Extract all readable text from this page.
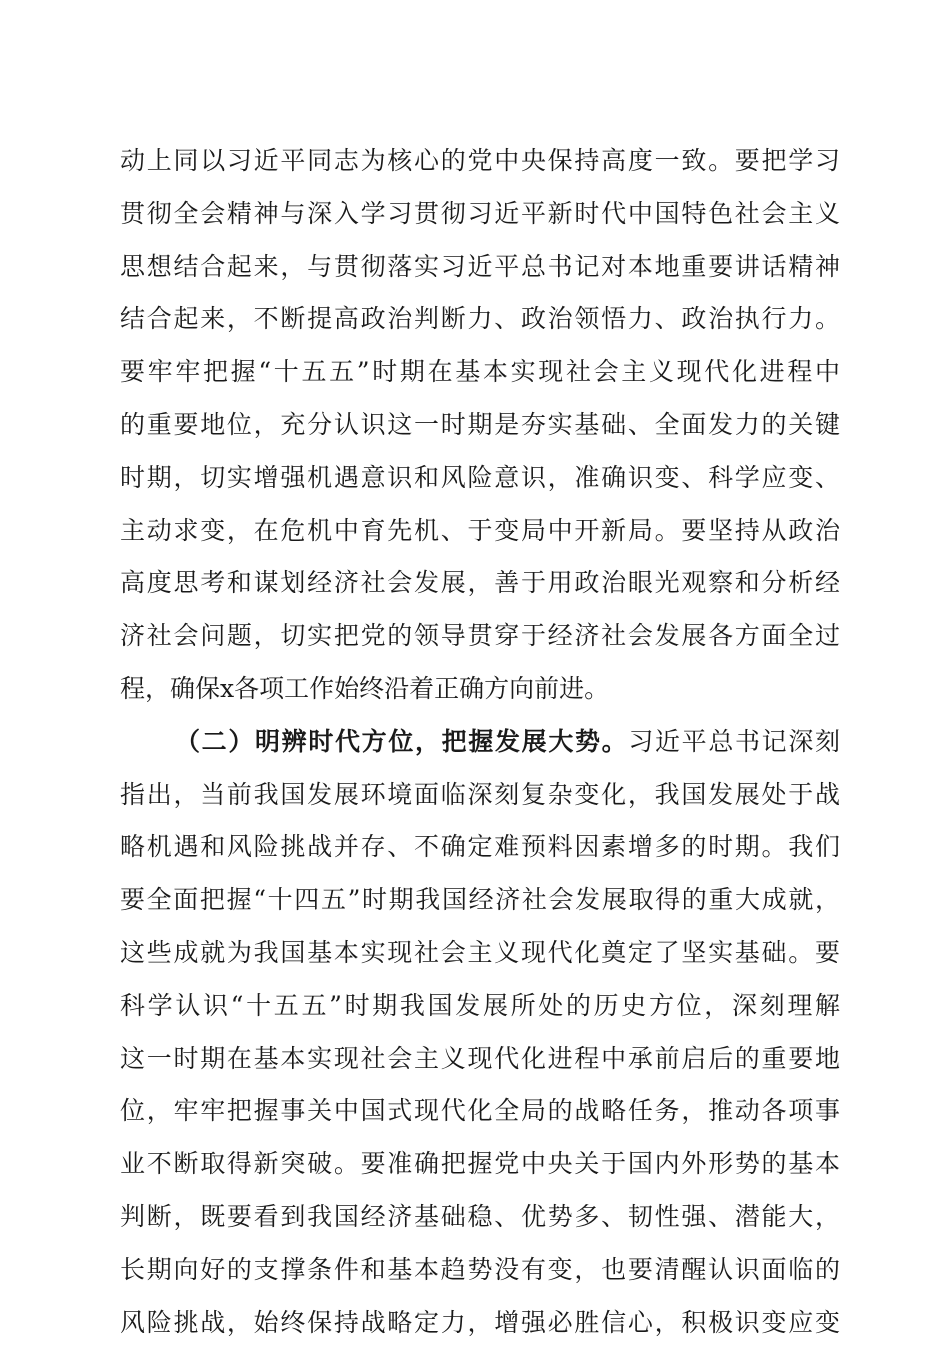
动上同以习近平同志为核心的党中央保持高度一致。要把学习
贯彻全会精神与深入学习贯彻习近平新时代中国特色社会主义
思想结合起来，与贯彻落实习近平总书记对本地重要讲话精神
结合起来，不断提高政治判断力、政治领悟力、政治执行力。
要牢牢把握“十五五”时期在基本实现社会主义现代化进程中
的重要地位，充分认识这一时期是夯实基础、全面发力的关键
时期，切实增强机遇意识和风险意识，准确识变、科学应变、
主动求变，在危机中育先机、于变局中开新局。要坚持从政治
高度思考和谋划经济社会发展，善于用政治眼光观察和分析经
济社会问题，切实把党的领导贯穿于经济社会发展各方面全过
程，确保x各项工作始终沿着正确方向前进。
（二）明辨时代方位，把握发展大势。习近平总书记深刻
指出，当前我国发展环境面临深刻复杂变化，我国发展处于战
略机遇和风险挑战并存、不确定难预料因素增多的时期。我们
要全面把握“十四五”时期我国经济社会发展取得的重大成就，
这些成就为我国基本实现社会主义现代化奠定了坚实基础。要
科学认识“十五五”时期我国发展所处的历史方位，深刻理解
这一时期在基本实现社会主义现代化进程中承前启后的重要地
位，牢牢把握事关中国式现代化全局的战略任务，推动各项事
业不断取得新突破。要准确把握党中央关于国内外形势的基本
判断，既要看到我国经济基础稳、优势多、韧性强、潜能大，
长期向好的支撑条件和基本趋势没有变，也要清醒认识面临的
风险挑战，始终保持战略定力，增强必胜信心，积极识变应变
